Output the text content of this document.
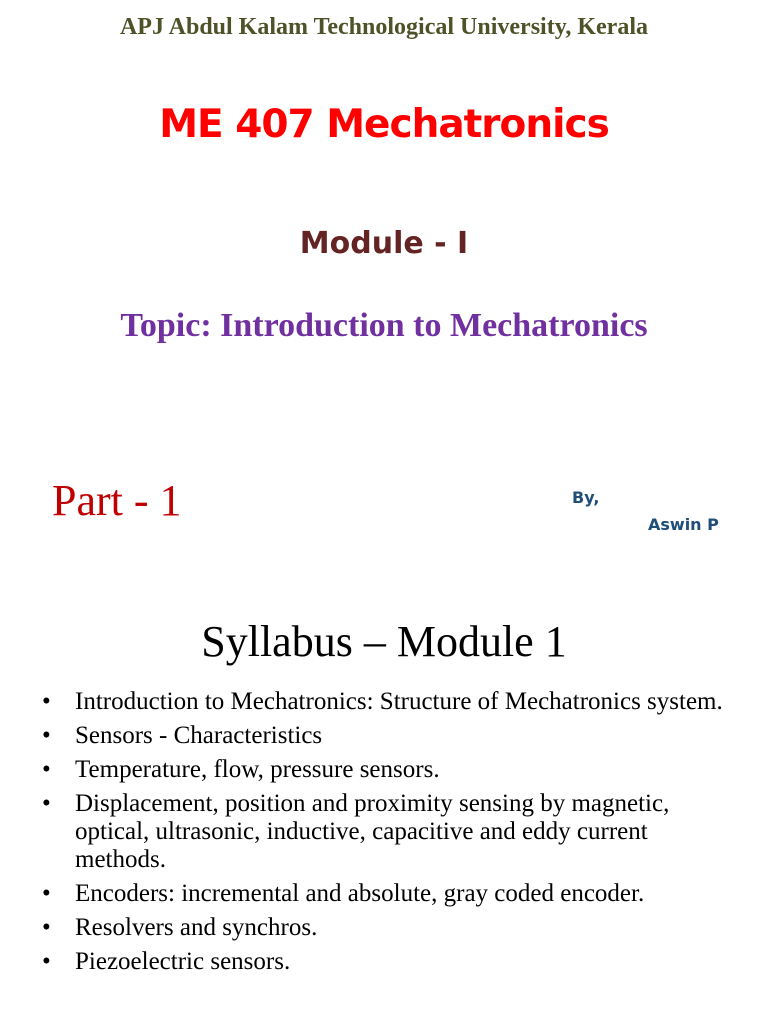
APJ Abdul Kalam Technological University, Kerala
ME 407 Mechatronics
Module - I
Topic: Introduction to Mechatronics
Part - 1	By,
Aswin P
Syllabus – Module 1
• Introduction to Mechatronics: Structure of Mechatronics system.
• Sensors - Characteristics
• Temperature, flow, pressure sensors.
• Displacement, position and proximity sensing by magnetic, optical, ultrasonic, inductive, capacitive and eddy current methods.
• Encoders: incremental and absolute, gray coded encoder.
• Resolvers and synchros.
• Piezoelectric sensors.
